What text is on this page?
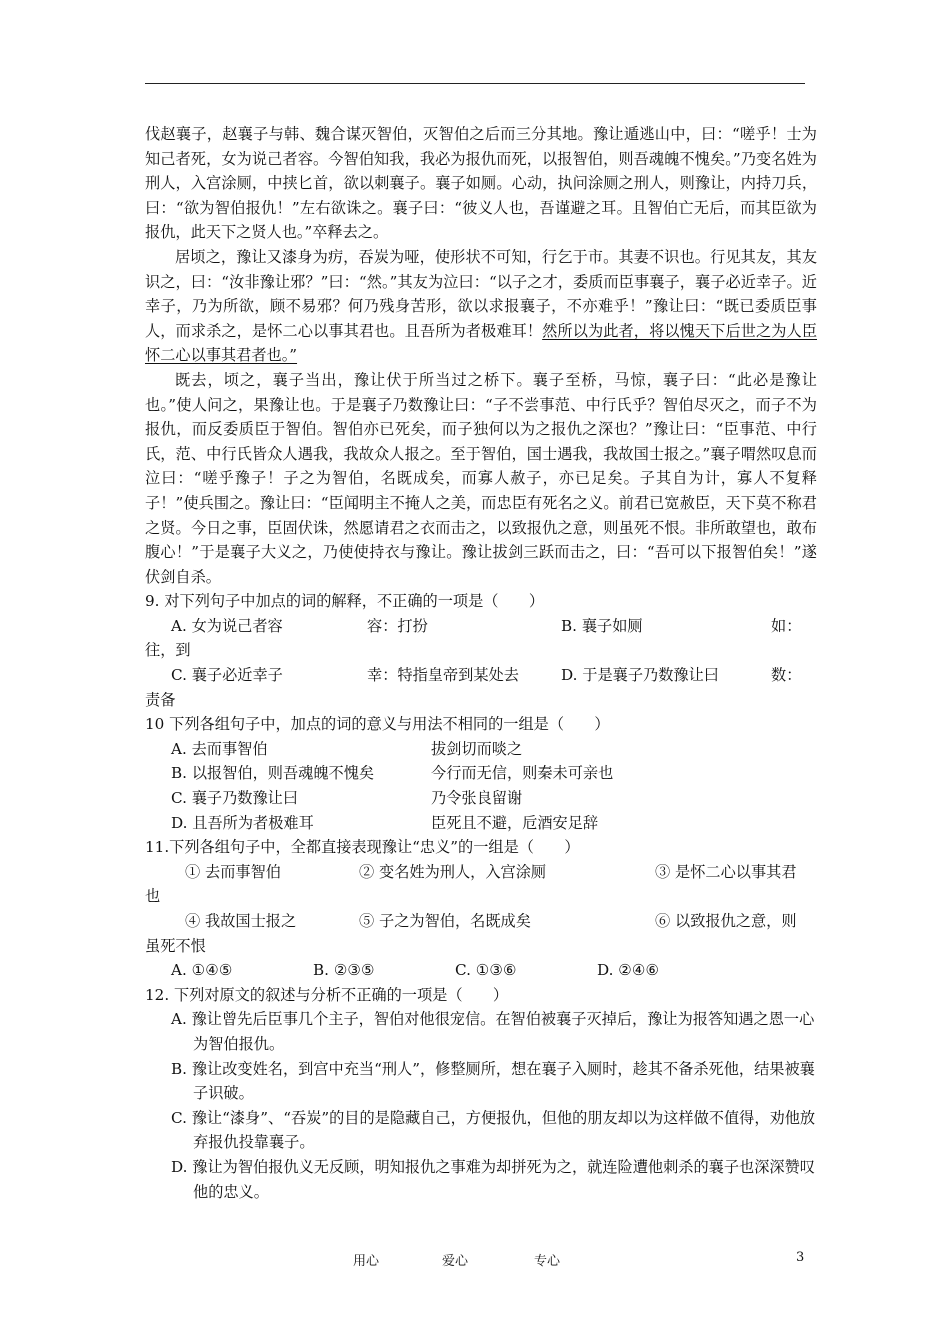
伐赵襄子，赵襄子与韩、魏合谋灭智伯，灭智伯之后而三分其地。豫让遁逃山中，曰：“嗟乎！士为知己者死，女为说己者容。今智伯知我，我必为报仇而死，以报智伯，则吾魂魄不愧矣。”乃变名姓为刑人，入宫涂厕，中挟匕首，欲以刺襄子。襄子如厕。心动，执问涂厕之刑人，则豫让，内持刀兵，曰：“欲为智伯报仇！”左右欲诛之。襄子曰：“彼义人也，吾谨避之耳。且智伯亡无后，而其臣欲为报仇，此天下之贤人也。”卒释去之。

居顷之，豫让又漆身为疠，吞炭为哑，使形状不可知，行乞于市。其妻不识也。行见其友，其友识之，曰：“汝非豫让邪？”曰：“然。”其友为泣曰：“以子之才，委质而臣事襄子，襄子必近幸子。近幸子，乃为所欲，顾不易邪？何乃残身苦形，欲以求报襄子，不亦难乎！”豫让曰：“既已委质臣事人，而求杀之，是怀二心以事其君也。且吾所为者极难耳！然所以为此者，将以愧天下后世之为人臣怀二心以事其君者也。”

既去，顷之，襄子当出，豫让伏于所当过之桥下。襄子至桥，马惊，襄子曰：“此必是豫让也。”使人问之，果豫让也。于是襄子乃数豫让曰：“子不尝事范、中行氏乎？智伯尽灭之，而子不为报仇，而反委质臣于智伯。智伯亦已死矣，而子独何以为之报仇之深也？”豫让曰：“臣事范、中行氏，范、中行氏皆众人遇我，我故众人报之。至于智伯，国士遇我，我故国士报之。”襄子喟然叹息而泣曰：“嗟乎豫子！子之为智伯，名既成矣，而寡人赦子，亦已足矣。子其自为计，寡人不复释子！”使兵围之。豫让曰：“臣闻明主不掩人之美，而忠臣有死名之义。前君已宽赦臣，天下莫不称君之贤。今日之事，臣固伏诛，然愿请君之衣而击之，以致报仇之意，则虽死不恨。非所敢望也，敢布腹心！”于是襄子大义之，乃使使持衣与豫让。豫让拔剑三跃而击之，曰：“吾可以下报智伯矣！”遂伏剑自杀。

9. 对下列句子中加点的词的解释，不正确的一项是（　　）

A. 女为说己者容	容：打扮	B. 襄子如厕	如：

往，到

C. 襄子必近幸子	幸：特指皇帝到某处去	D. 于是襄子乃数豫让曰	数：

责备

10 下列各组句子中，加点的词的意义与用法不相同的一组是（　　）

A. 去而事智伯	拔剑切而啖之
B. 以报智伯，则吾魂魄不愧矣	今行而无信，则秦未可亲也
C. 襄子乃数豫让曰	乃令张良留谢
D. 且吾所为者极难耳	臣死且不避，卮酒安足辞

11.下列各组句子中，全都直接表现豫让“忠义”的一组是（　　）

① 去而事智伯	② 变名姓为刑人，入宫涂厕	③ 是怀二心以事其君

也

④ 我故国士报之	⑤ 子之为智伯，名既成矣	⑥ 以致报仇之意，则

虽死不恨

A. ①④⑤	B. ②③⑤	C. ①③⑥	D. ②④⑥

12. 下列对原文的叙述与分析不正确的一项是（　　）

A. 豫让曾先后臣事几个主子，智伯对他很宠信。在智伯被襄子灭掉后，豫让为报答知遇之恩一心为智伯报仇。

B. 豫让改变姓名，到宫中充当“刑人”，修整厕所，想在襄子入厕时，趁其不备杀死他，结果被襄子识破。

C. 豫让“漆身”、“吞炭”的目的是隐藏自己，方便报仇，但他的朋友却以为这样做不值得，劝他放弃报仇投靠襄子。

D. 豫让为智伯报仇义无反顾，明知报仇之事难为却拼死为之，就连险遭他刺杀的襄子也深深赞叹他的忠义。

用心	爱心	专心	3
